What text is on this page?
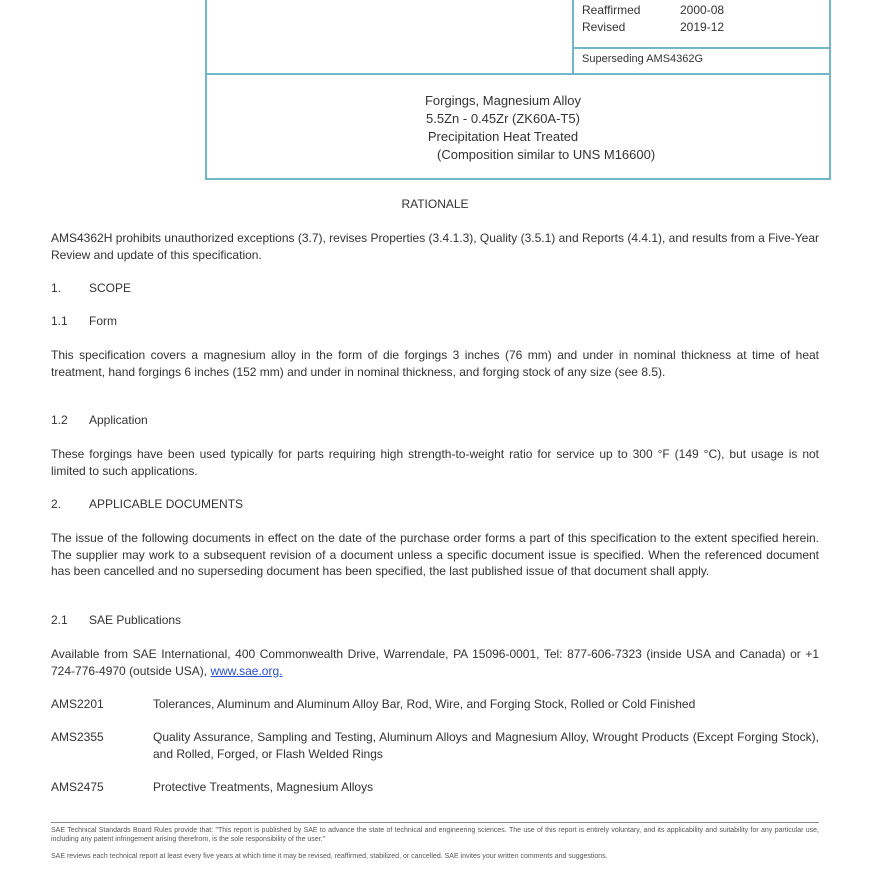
Reaffirmed	2000-08
Revised	2019-12
Superseding AMS4362G
Forgings, Magnesium Alloy
5.5Zn - 0.45Zr (ZK60A-T5)
Precipitation Heat Treated
(Composition similar to UNS M16600)
RATIONALE
AMS4362H prohibits unauthorized exceptions (3.7), revises Properties (3.4.1.3), Quality (3.5.1) and Reports (4.4.1), and results from a Five-Year Review and update of this specification.
1. SCOPE
1.1 Form
This specification covers a magnesium alloy in the form of die forgings 3 inches (76 mm) and under in nominal thickness at time of heat treatment, hand forgings 6 inches (152 mm) and under in nominal thickness, and forging stock of any size (see 8.5).
1.2 Application
These forgings have been used typically for parts requiring high strength-to-weight ratio for service up to 300 °F (149 °C), but usage is not limited to such applications.
2. APPLICABLE DOCUMENTS
The issue of the following documents in effect on the date of the purchase order forms a part of this specification to the extent specified herein. The supplier may work to a subsequent revision of a document unless a specific document issue is specified. When the referenced document has been cancelled and no superseding document has been specified, the last published issue of that document shall apply.
2.1 SAE Publications
Available from SAE International, 400 Commonwealth Drive, Warrendale, PA 15096-0001, Tel: 877-606-7323 (inside USA and Canada) or +1 724-776-4970 (outside USA), www.sae.org.
AMS2201	Tolerances, Aluminum and Aluminum Alloy Bar, Rod, Wire, and Forging Stock, Rolled or Cold Finished
AMS2355	Quality Assurance, Sampling and Testing, Aluminum Alloys and Magnesium Alloy, Wrought Products (Except Forging Stock), and Rolled, Forged, or Flash Welded Rings
AMS2475	Protective Treatments, Magnesium Alloys
SAE Technical Standards Board Rules provide that: "This report is published by SAE to advance the state of technical and engineering sciences. The use of this report is entirely voluntary, and its applicability and suitability for any particular use, including any patent infringement arising therefrom, is the sole responsibility of the user."
SAE reviews each technical report at least every five years at which time it may be revised, reaffirmed, stabilized, or cancelled. SAE invites your written comments and suggestions.
